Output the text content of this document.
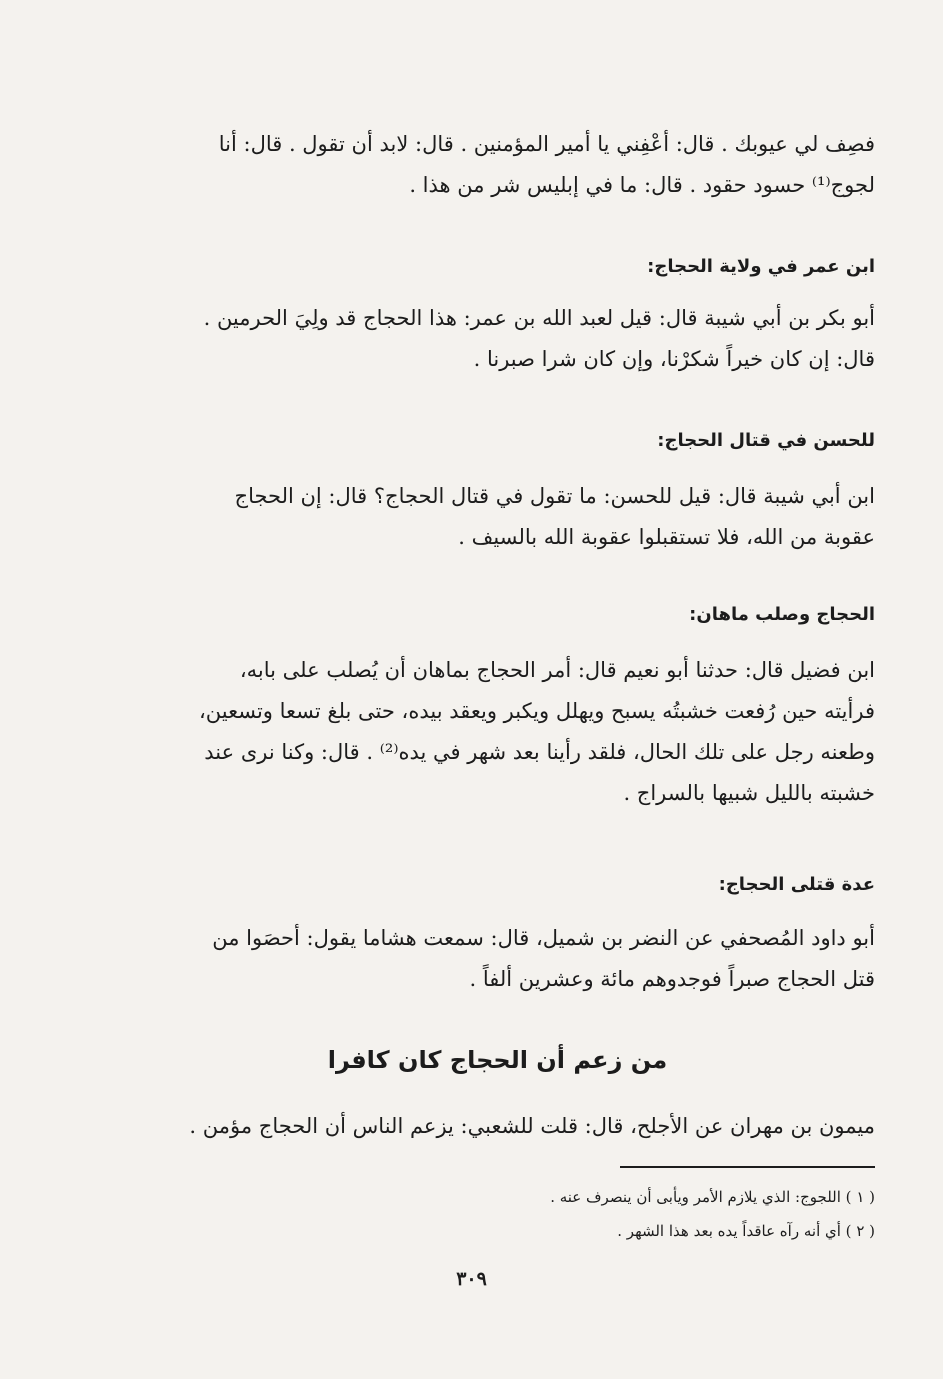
فصِف لي عيوبك . قال: أعْفِني يا أمير المؤمنين . قال: لابد أن تقول . قال: أنا

لجوج⁽¹⁾ حسود حقود . قال: ما في إبليس شر من هذا .

ابن عمر في ولاية الحجاج:

أبو بكر بن أبي شيبة قال: قيل لعبد الله بن عمر: هذا الحجاج قد ولِيَ الحرمين .

قال: إن كان خيراً شكرْنا، وإن كان شرا صبرنا .

للحسن في قتال الحجاج:

ابن أبي شيبة قال: قيل للحسن: ما تقول في قتال الحجاج؟ قال: إن الحجاج

عقوبة من الله، فلا تستقبلوا عقوبة الله بالسيف .

الحجاج وصلب ماهان:

ابن فضيل قال: حدثنا أبو نعيم قال: أمر الحجاج بماهان أن يُصلب على بابه،

فرأيته حين رُفعت خشبتُه يسبح ويهلل ويكبر ويعقد بيده، حتى بلغ تسعا وتسعين،

وطعنه رجل على تلك الحال، فلقد رأينا بعد شهر في يده⁽²⁾ . قال: وكنا نرى عند

خشبته بالليل شبيها بالسراج .

عدة قتلى الحجاج:

أبو داود المُصحفي عن النضر بن شميل، قال: سمعت هشاما يقول: أحصَوا من

قتل الحجاج صبراً فوجدوهم مائة وعشرين ألفاً .

من زعم أن الحجاج كان كافرا

ميمون بن مهران عن الأجلح، قال: قلت للشعبي: يزعم الناس أن الحجاج مؤمن .

( ١ ) اللجوج: الذي يلازم الأمر ويأبى أن ينصرف عنه .
( ٢ ) أي أنه رآه عاقداً يده بعد هذا الشهر .
٣٠٩
